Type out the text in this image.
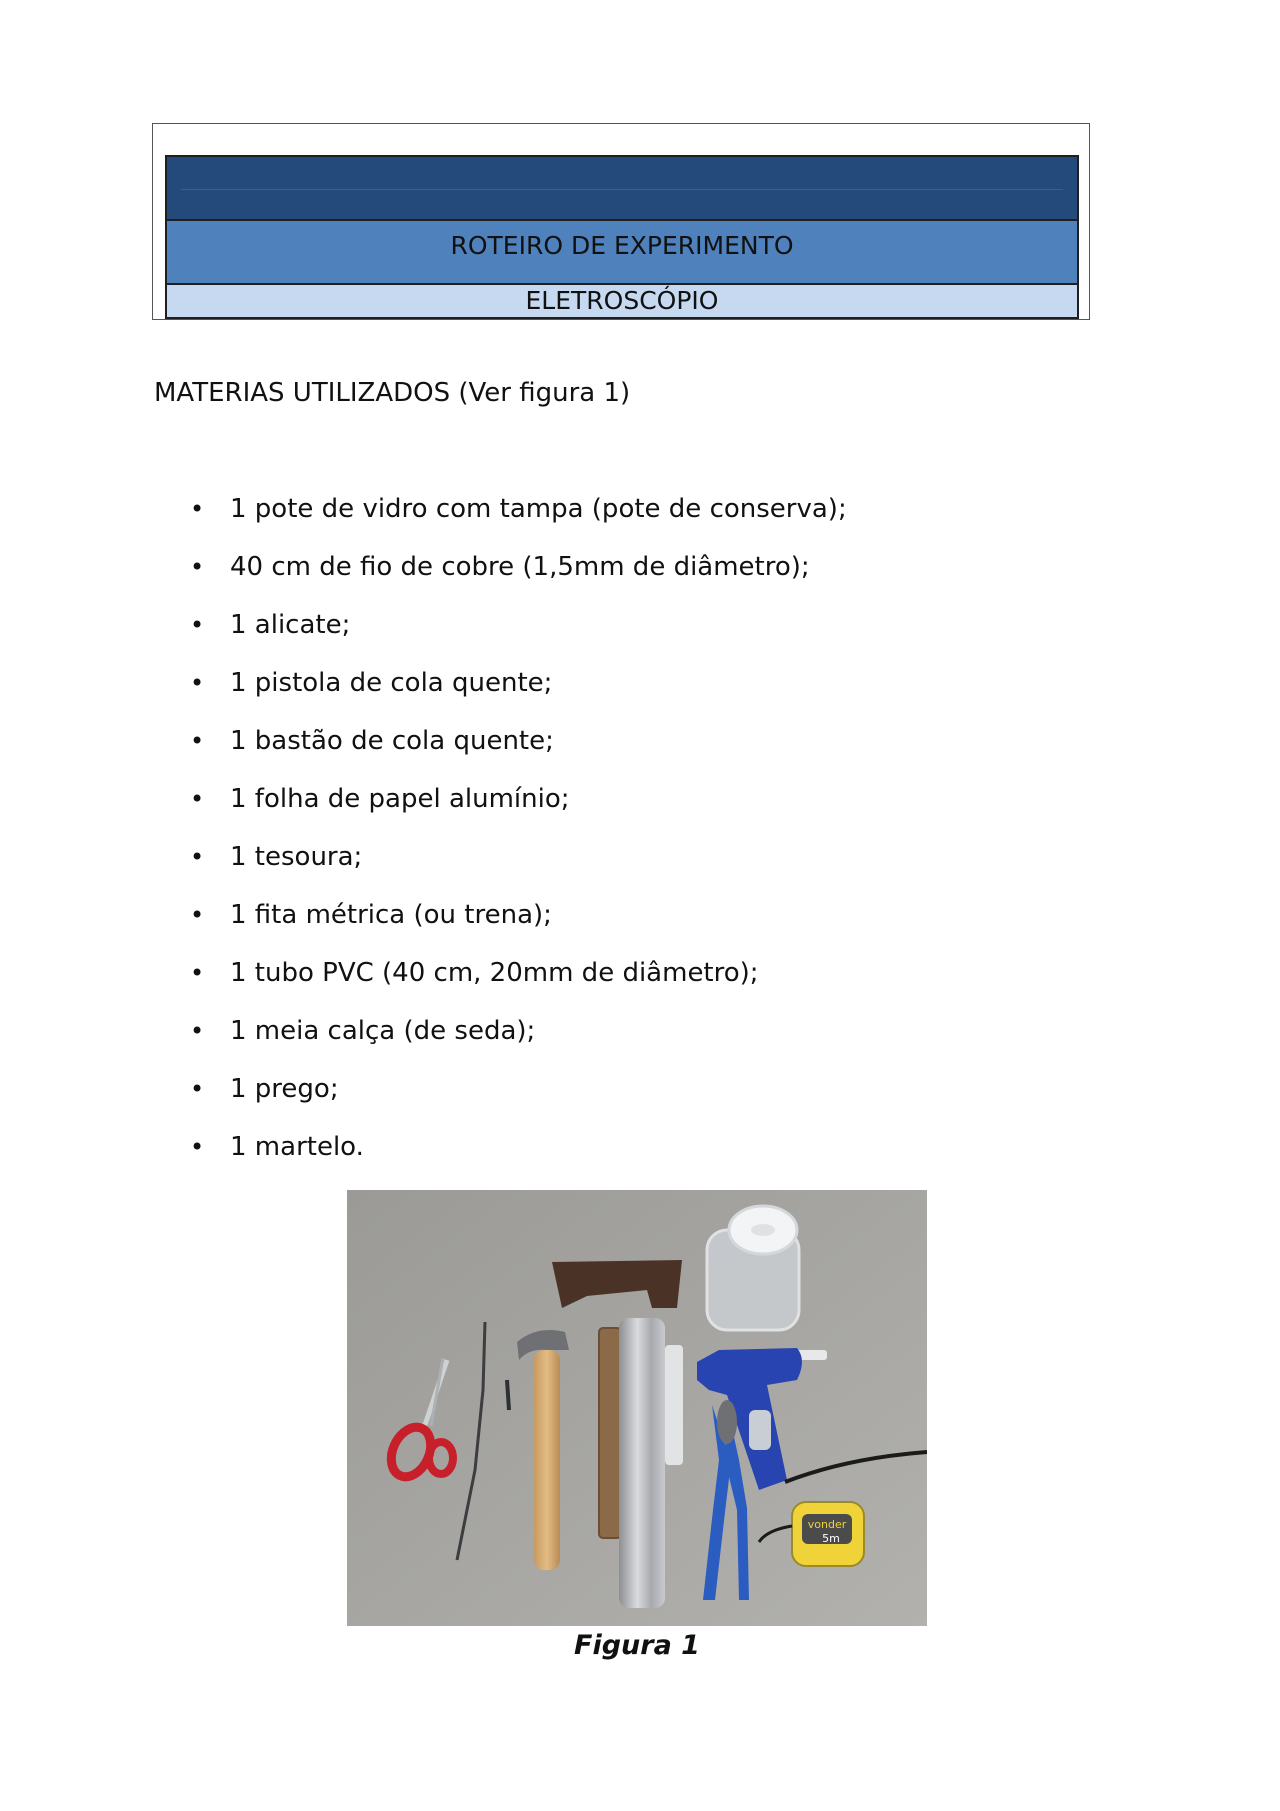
ROTEIRO DE EXPERIMENTO
ELETROSCÓPIO
MATERIAS UTILIZADOS (Ver figura 1)
• 1 pote de vidro com tampa (pote de conserva);
• 40 cm de fio de cobre (1,5mm de diâmetro);
• 1 alicate;
• 1 pistola de cola quente;
• 1 bastão de cola quente;
• 1 folha de papel alumínio;
• 1 tesoura;
• 1 fita métrica (ou trena);
• 1 tubo PVC (40 cm, 20mm de diâmetro);
• 1 meia calça (de seda);
• 1 prego;
• 1 martelo.
vonder
5m
Figura 1
